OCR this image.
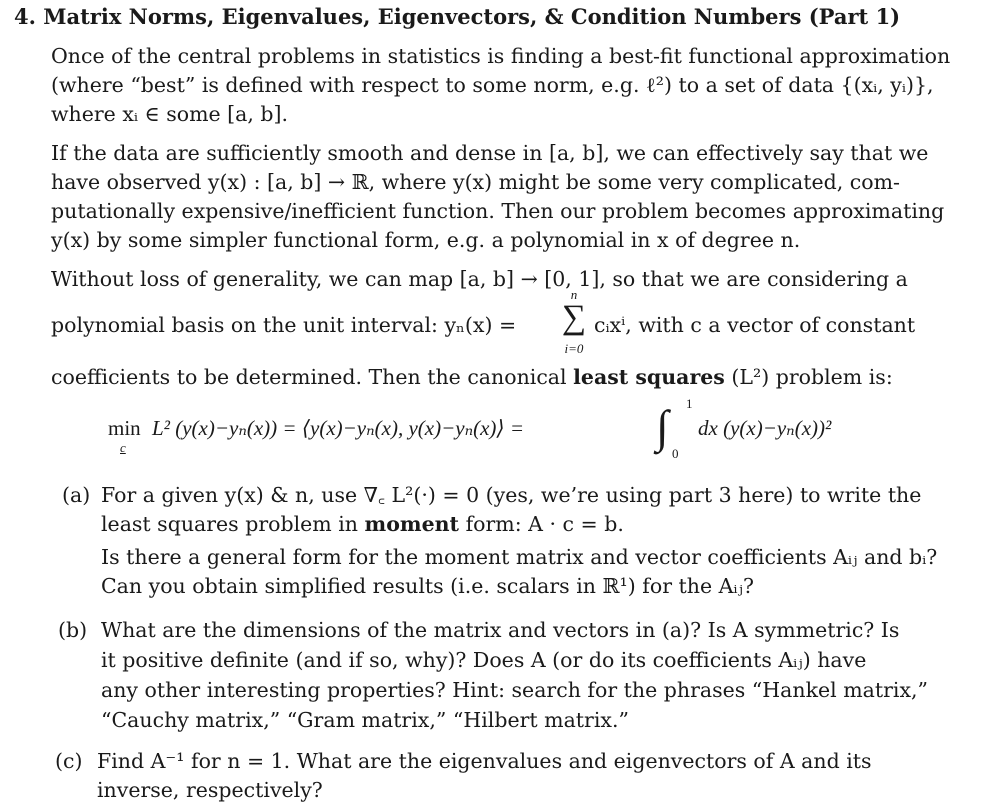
4. Matrix Norms, Eigenvalues, Eigenvectors, & Condition Numbers (Part 1)
Once of the central problems in statistics is finding a best-fit functional approximation
(where “best” is defined with respect to some norm, e.g. ℓ²) to a set of data {(xᵢ, yᵢ)},
where xᵢ ∈ some [a, b].
If the data are sufficiently smooth and dense in [a, b], we can effectively say that we
have observed y(x) : [a, b] → ℝ, where y(x) might be some very complicated, com-
putationally expensive/inefficient function. Then our problem becomes approximating
y(x) by some simpler functional form, e.g. a polynomial in x of degree n.
Without loss of generality, we can map [a, b] → [0, 1], so that we are considering a
polynomial basis on the unit interval: yₙ(x) =
n
∑
i=0
cᵢxⁱ, with c a vector of constant
coefficients to be determined. Then the canonical least squares (L²) problem is:
min
c
L² (y(x)−yₙ(x)) = ⟨y(x)−yₙ(x), y(x)−yₙ(x)⟩ =
1
∫
0
dx (y(x)−yₙ(x))²
(a) For a given y(x) & n, use ∇꜀ L²(·) = 0 (yes, we’re using part 3 here) to write the
least squares problem in moment form: A · c = b.
Is there a general form for the moment matrix and vector coefficients Aᵢⱼ and bᵢ?
Can you obtain simplified results (i.e. scalars in ℝ¹) for the Aᵢⱼ?
(b) What are the dimensions of the matrix and vectors in (a)? Is A symmetric? Is
it positive definite (and if so, why)? Does A (or do its coefficients Aᵢⱼ) have
any other interesting properties? Hint: search for the phrases “Hankel matrix,”
“Cauchy matrix,” “Gram matrix,” “Hilbert matrix.”
(c) Find A⁻¹ for n = 1. What are the eigenvalues and eigenvectors of A and its
inverse, respectively?
